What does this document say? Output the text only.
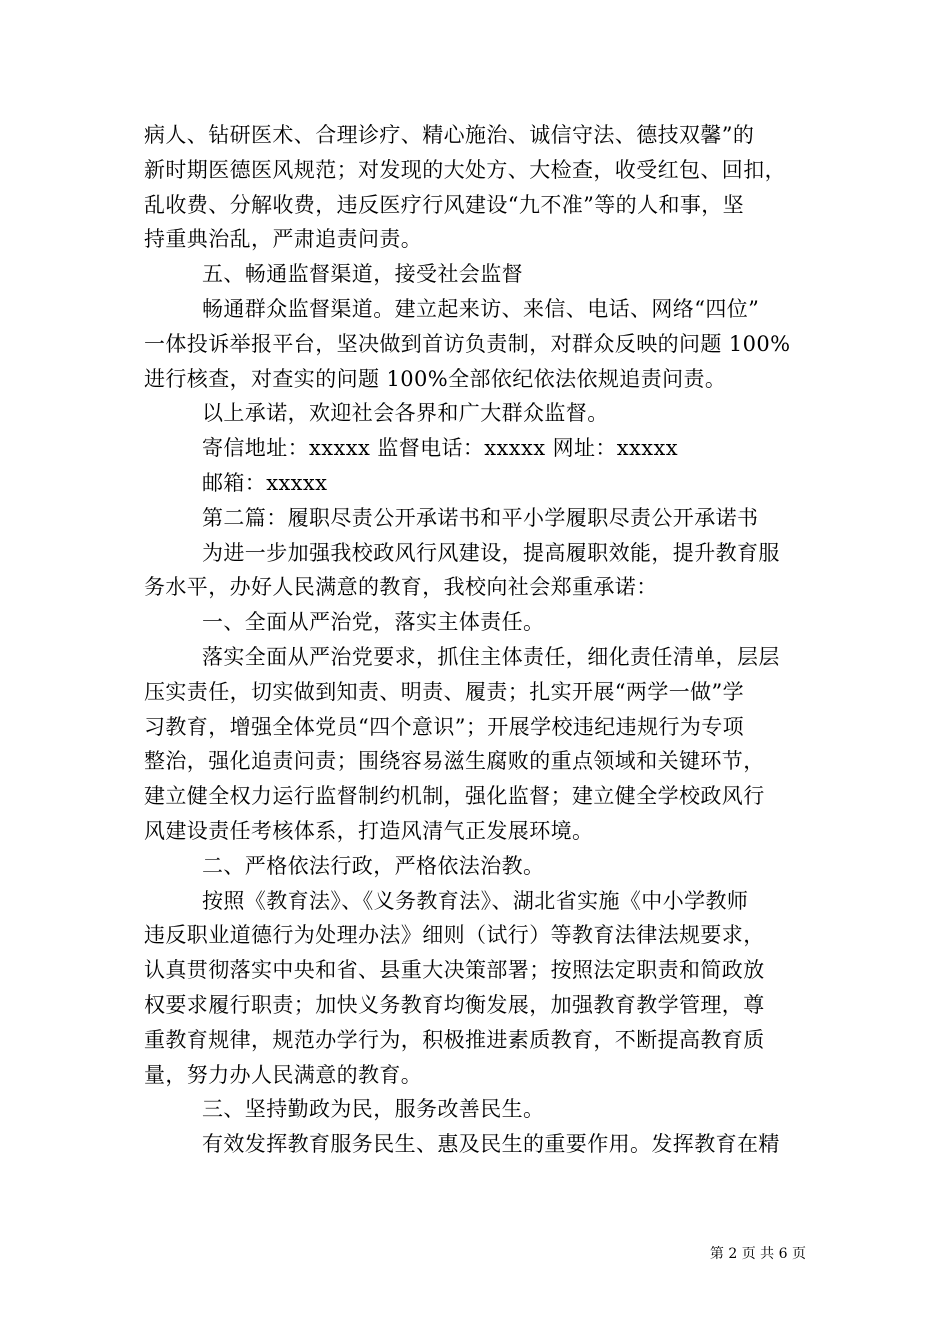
病人、钻研医术、合理诊疗、精心施治、诚信守法、德技双馨”的
新时期医德医风规范；对发现的大处方、大检查，收受红包、回扣，
乱收费、分解收费，违反医疗行风建设“九不准”等的人和事，坚
持重典治乱，严肃追责问责。
五、畅通监督渠道，接受社会监督
畅通群众监督渠道。建立起来访、来信、电话、网络“四位”
一体投诉举报平台，坚决做到首访负责制，对群众反映的问题 100%
进行核查，对查实的问题 100%全部依纪依法依规追责问责。
以上承诺，欢迎社会各界和广大群众监督。
寄信地址：xxxxx 监督电话：xxxxx 网址：xxxxx
邮箱：xxxxx
第二篇：履职尽责公开承诺书和平小学履职尽责公开承诺书
为进一步加强我校政风行风建设，提高履职效能，提升教育服
务水平，办好人民满意的教育，我校向社会郑重承诺：
一、全面从严治党，落实主体责任。
落实全面从严治党要求，抓住主体责任，细化责任清单，层层
压实责任，切实做到知责、明责、履责；扎实开展“两学一做”学
习教育，增强全体党员“四个意识”；开展学校违纪违规行为专项
整治，强化追责问责；围绕容易滋生腐败的重点领域和关键环节，
建立健全权力运行监督制约机制，强化监督；建立健全学校政风行
风建设责任考核体系，打造风清气正发展环境。
二、严格依法行政，严格依法治教。
按照《教育法》、《义务教育法》、湖北省实施《中小学教师
违反职业道德行为处理办法》细则（试行）等教育法律法规要求，
认真贯彻落实中央和省、县重大决策部署；按照法定职责和简政放
权要求履行职责；加快义务教育均衡发展，加强教育教学管理，尊
重教育规律，规范办学行为，积极推进素质教育，不断提高教育质
量，努力办人民满意的教育。
三、坚持勤政为民，服务改善民生。
有效发挥教育服务民生、惠及民生的重要作用。发挥教育在精
第 2 页 共 6 页
